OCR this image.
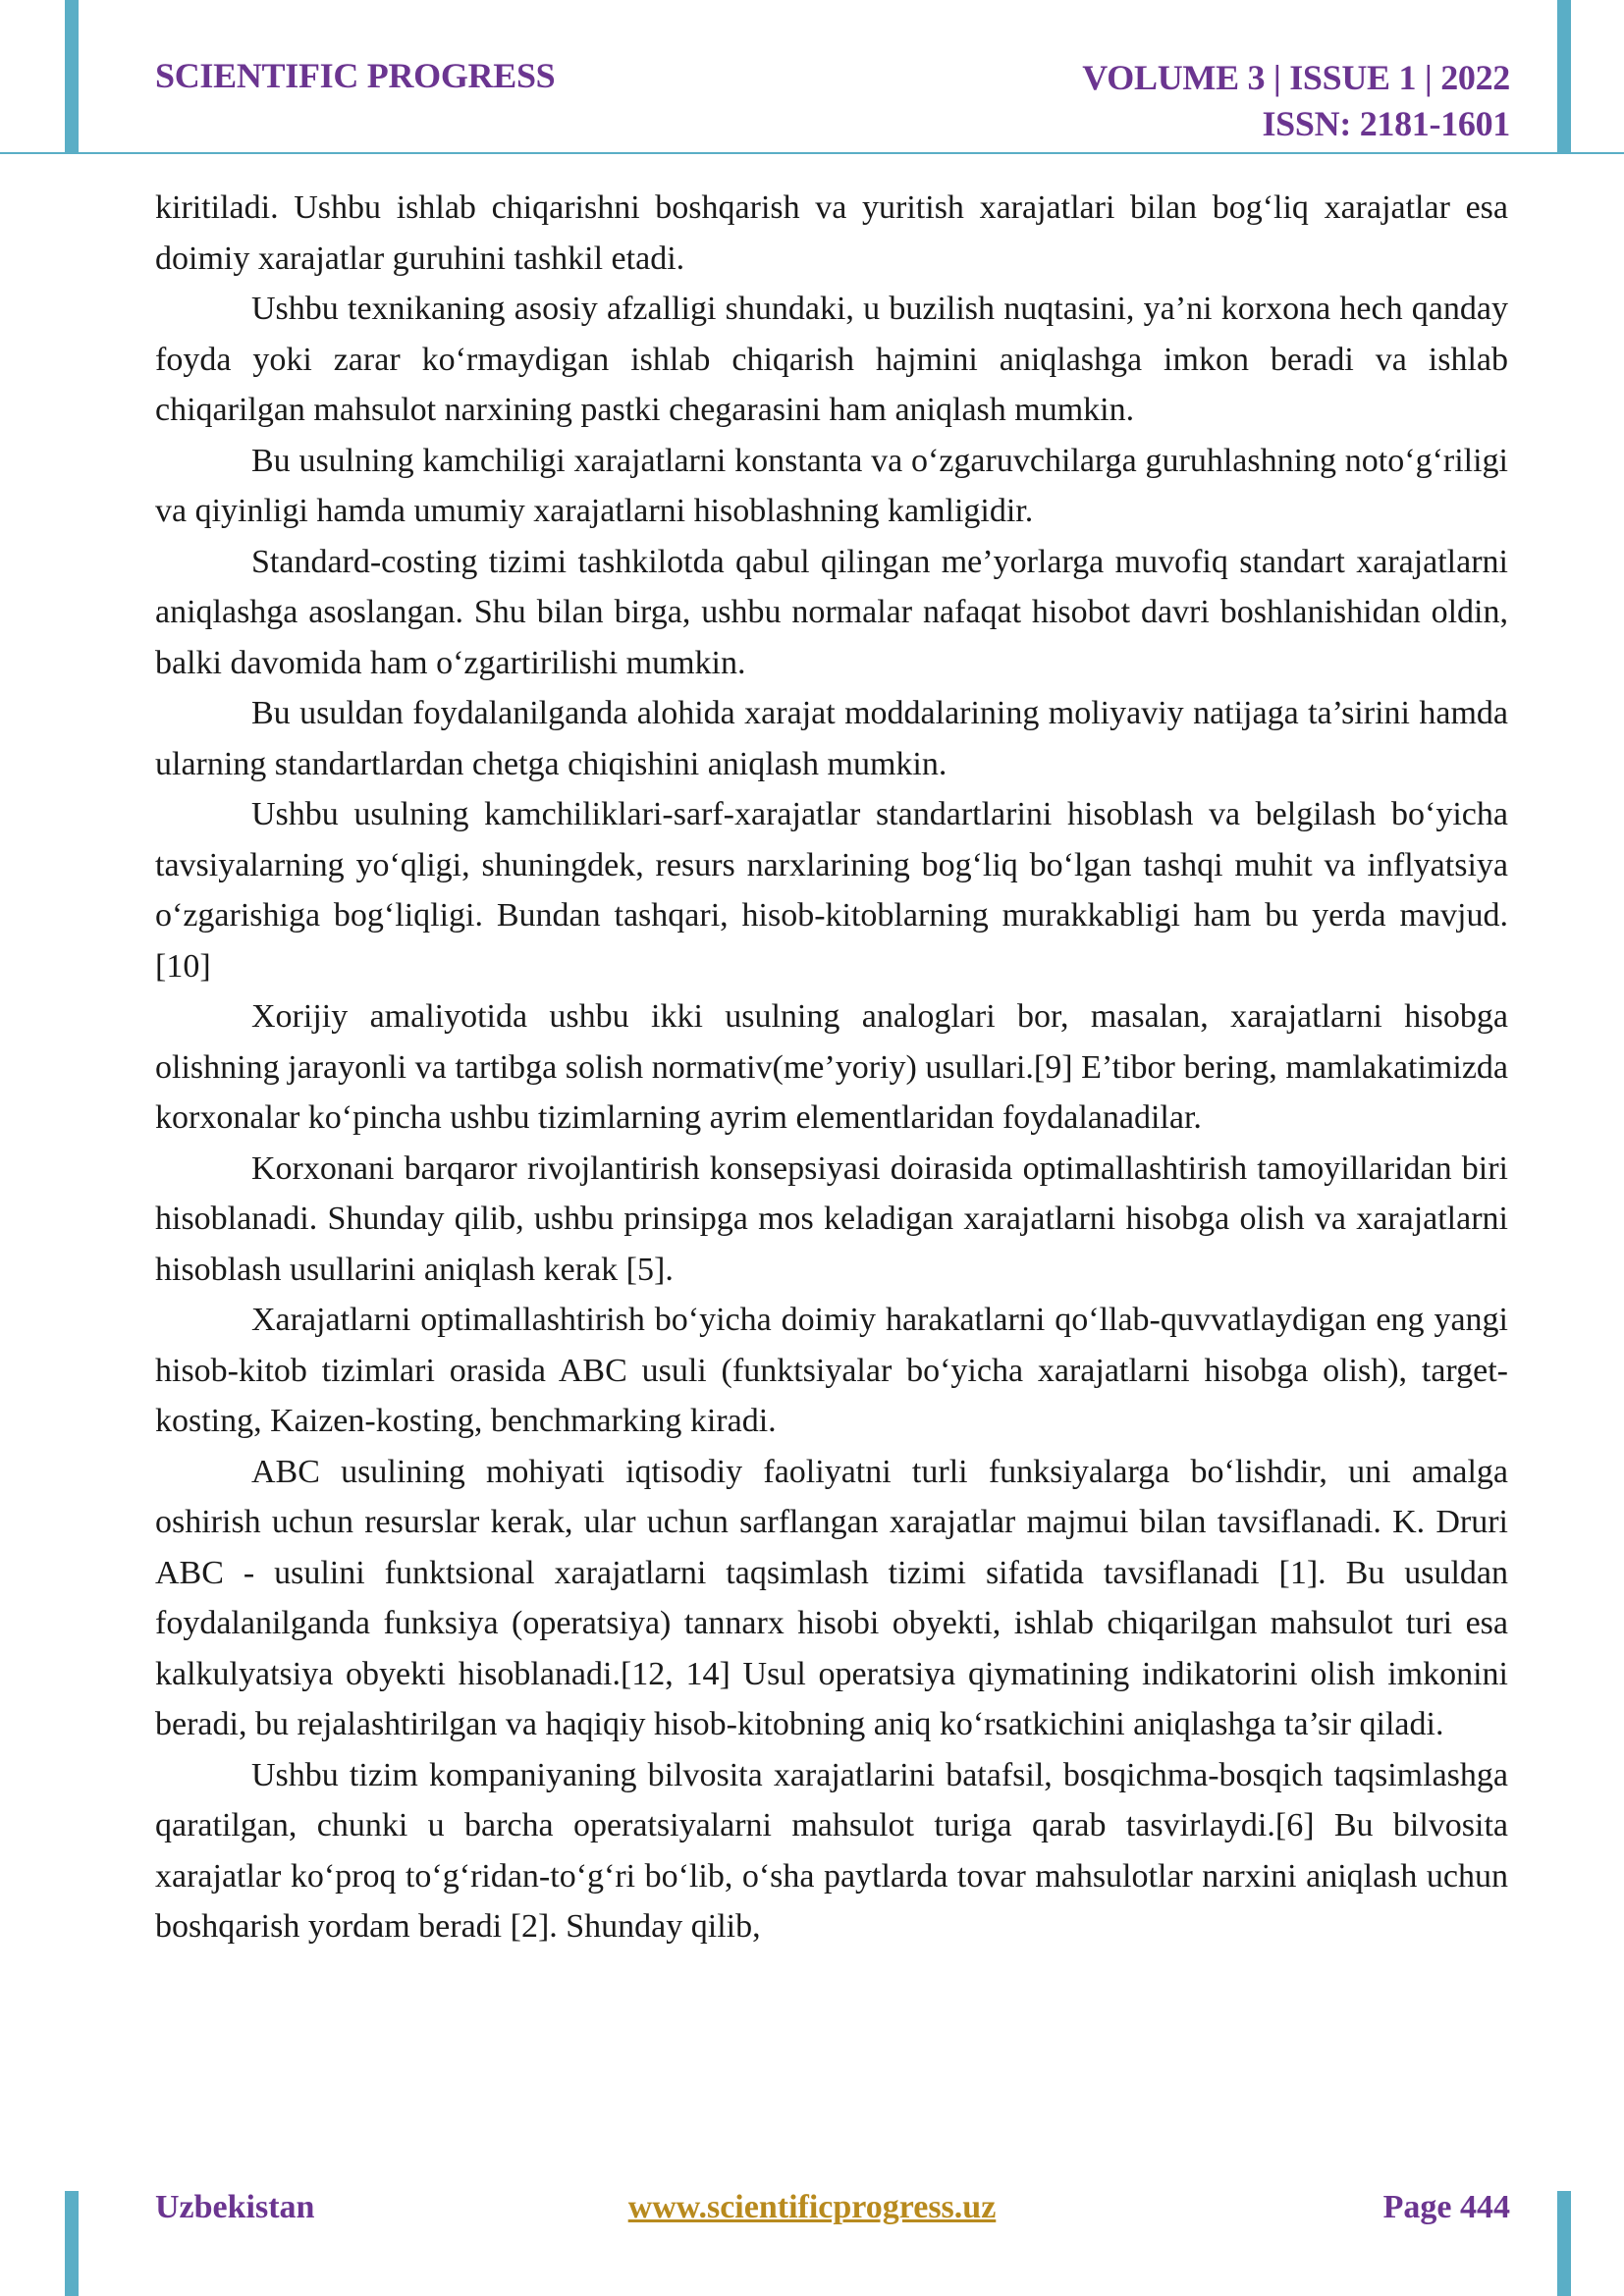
SCIENTIFIC PROGRESS	VOLUME 3 | ISSUE 1 | 2022
ISSN: 2181-1601

kiritiladi. Ushbu ishlab chiqarishni boshqarish va yuritish xarajatlari bilan bog‘liq xarajatlar esa doimiy xarajatlar guruhini tashkil etadi.

Ushbu texnikaning asosiy afzalligi shundaki, u buzilish nuqtasini, ya’ni korxona hech qanday foyda yoki zarar ko‘rmaydigan ishlab chiqarish hajmini aniqlashga imkon beradi va ishlab chiqarilgan mahsulot narxining pastki chegarasini ham aniqlash mumkin.

Bu usulning kamchiligi xarajatlarni konstanta va o‘zgaruvchilarga guruhlashning noto‘g‘riligi va qiyinligi hamda umumiy xarajatlarni hisoblashning kamligidir.

Standard-costing tizimi tashkilotda qabul qilingan me’yorlarga muvofiq standart xarajatlarni aniqlashga asoslangan. Shu bilan birga, ushbu normalar nafaqat hisobot davri boshlanishidan oldin, balki davomida ham o‘zgartirilishi mumkin.

Bu usuldan foydalanilganda alohida xarajat moddalarining moliyaviy natijaga ta’sirini hamda ularning standartlardan chetga chiqishini aniqlash mumkin.

Ushbu usulning kamchiliklari-sarf-xarajatlar standartlarini hisoblash va belgilash bo‘yicha tavsiyalarning yo‘qligi, shuningdek, resurs narxlarining bog‘liq bo‘lgan tashqi muhit va inflyatsiya o‘zgarishiga bog‘liqligi. Bundan tashqari, hisob-kitoblarning murakkabligi ham bu yerda mavjud.[10]

Xorijiy amaliyotida ushbu ikki usulning analoglari bor, masalan, xarajatlarni hisobga olishning jarayonli va tartibga solish normativ(me’yoriy) usullari.[9] E’tibor bering, mamlakatimizda korxonalar ko‘pincha ushbu tizimlarning ayrim elementlaridan foydalanadilar.

Korxonani barqaror rivojlantirish konsepsiyasi doirasida optimallashtirish tamoyillaridan biri hisoblanadi. Shunday qilib, ushbu prinsipga mos keladigan xarajatlarni hisobga olish va xarajatlarni hisoblash usullarini aniqlash kerak [5].

Xarajatlarni optimallashtirish bo‘yicha doimiy harakatlarni qo‘llab-quvvatlaydigan eng yangi hisob-kitob tizimlari orasida ABC usuli (funktsiyalar bo‘yicha xarajatlarni hisobga olish), target-kosting, Kaizen-kosting, benchmarking kiradi.

ABC usulining mohiyati iqtisodiy faoliyatni turli funksiyalarga bo‘lishdir, uni amalga oshirish uchun resurslar kerak, ular uchun sarflangan xarajatlar majmui bilan tavsiflanadi. K. Druri ABC - usulini funktsional xarajatlarni taqsimlash tizimi sifatida tavsiflanadi [1]. Bu usuldan foydalanilganda funksiya (operatsiya) tannarx hisobi obyekti, ishlab chiqarilgan mahsulot turi esa kalkulyatsiya obyekti hisoblanadi.[12, 14] Usul operatsiya qiymatining indikatorini olish imkonini beradi, bu rejalashtirilgan va haqiqiy hisob-kitobning aniq ko‘rsatkichini aniqlashga ta’sir qiladi.

Ushbu tizim kompaniyaning bilvosita xarajatlarini batafsil, bosqichma-bosqich taqsimlashga qaratilgan, chunki u barcha operatsiyalarni mahsulot turiga qarab tasvirlaydi.[6] Bu bilvosita xarajatlar ko‘proq to‘g‘ridan-to‘g‘ri bo‘lib, o‘sha paytlarda tovar mahsulotlar narxini aniqlash uchun boshqarish yordam beradi [2]. Shunday qilib,

Uzbekistan	www.scientificprogress.uz	Page 444
